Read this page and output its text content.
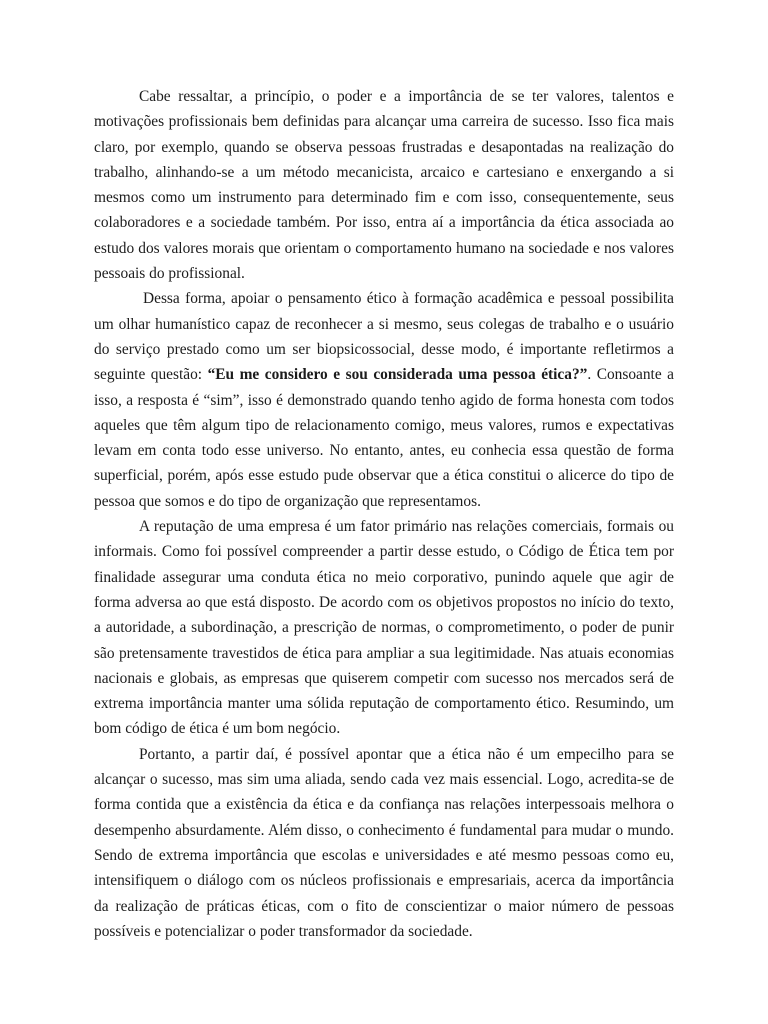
Cabe ressaltar, a princípio, o poder e a importância de se ter valores, talentos e motivações profissionais bem definidas para alcançar uma carreira de sucesso. Isso fica mais claro, por exemplo, quando se observa pessoas frustradas e desapontadas na realização do trabalho, alinhando-se a um método mecanicista, arcaico e cartesiano e enxergando a si mesmos como um instrumento para determinado fim e com isso, consequentemente, seus colaboradores e a sociedade também. Por isso, entra aí a importância da ética associada ao estudo dos valores morais que orientam o comportamento humano na sociedade e nos valores pessoais do profissional.

Dessa forma, apoiar o pensamento ético à formação acadêmica e pessoal possibilita um olhar humanístico capaz de reconhecer a si mesmo, seus colegas de trabalho e o usuário do serviço prestado como um ser biopsicossocial, desse modo, é importante refletirmos a seguinte questão: “Eu me considero e sou considerada uma pessoa ética?”. Consoante a isso, a resposta é “sim”, isso é demonstrado quando tenho agido de forma honesta com todos aqueles que têm algum tipo de relacionamento comigo, meus valores, rumos e expectativas levam em conta todo esse universo. No entanto, antes, eu conhecia essa questão de forma superficial, porém, após esse estudo pude observar que a ética constitui o alicerce do tipo de pessoa que somos e do tipo de organização que representamos.

A reputação de uma empresa é um fator primário nas relações comerciais, formais ou informais. Como foi possível compreender a partir desse estudo, o Código de Ética tem por finalidade assegurar uma conduta ética no meio corporativo, punindo aquele que agir de forma adversa ao que está disposto. De acordo com os objetivos propostos no início do texto, a autoridade, a subordinação, a prescrição de normas, o comprometimento, o poder de punir são pretensamente travestidos de ética para ampliar a sua legitimidade. Nas atuais economias nacionais e globais, as empresas que quiserem competir com sucesso nos mercados será de extrema importância manter uma sólida reputação de comportamento ético. Resumindo, um bom código de ética é um bom negócio.

Portanto, a partir daí, é possível apontar que a ética não é um empecilho para se alcançar o sucesso, mas sim uma aliada, sendo cada vez mais essencial. Logo, acredita-se de forma contida que a existência da ética e da confiança nas relações interpessoais melhora o desempenho absurdamente. Além disso, o conhecimento é fundamental para mudar o mundo. Sendo de extrema importância que escolas e universidades e até mesmo pessoas como eu, intensifiquem o diálogo com os núcleos profissionais e empresariais, acerca da importância da realização de práticas éticas, com o fito de conscientizar o maior número de pessoas possíveis e potencializar o poder transformador da sociedade.
